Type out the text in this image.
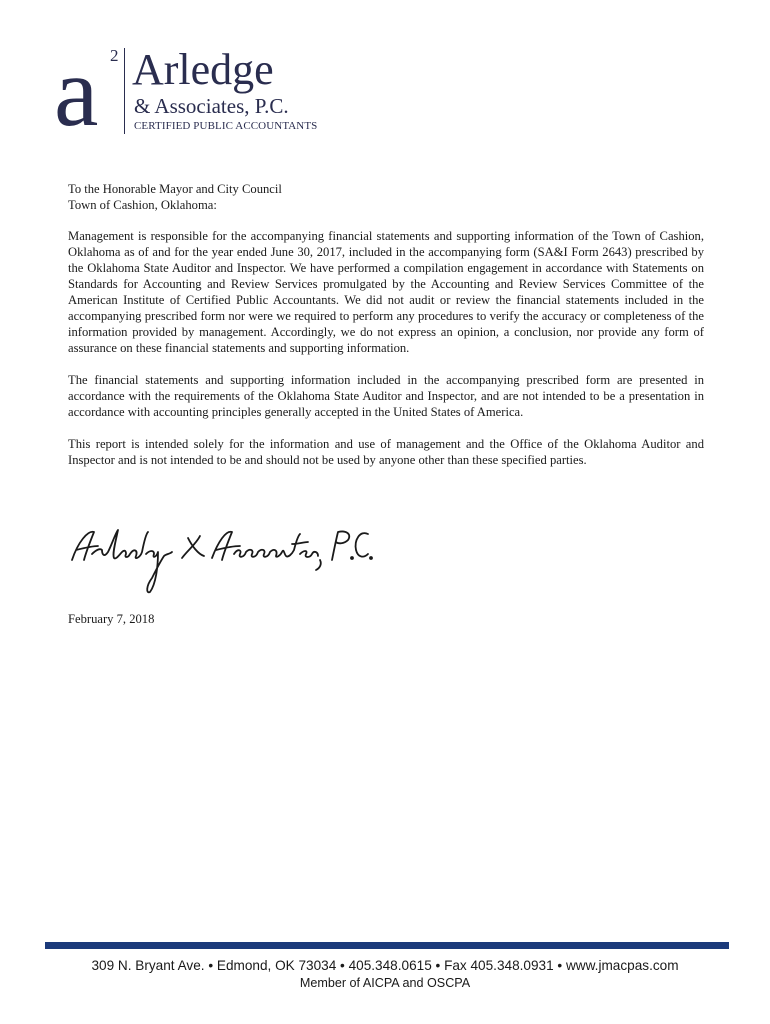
a 2 Arledge
& Associates, P.C.
CERTIFIED PUBLIC ACCOUNTANTS

To the Honorable Mayor and City Council
Town of Cashion, Oklahoma:

Management is responsible for the accompanying financial statements and supporting information of the Town of Cashion, Oklahoma as of and for the year ended June 30, 2017, included in the accompanying form (SA&I Form 2643) prescribed by the Oklahoma State Auditor and Inspector. We have performed a compilation engagement in accordance with Statements on Standards for Accounting and Review Services promulgated by the Accounting and Review Services Committee of the American Institute of Certified Public Accountants. We did not audit or review the financial statements included in the accompanying prescribed form nor were we required to perform any procedures to verify the accuracy or completeness of the information provided by management. Accordingly, we do not express an opinion, a conclusion, nor provide any form of assurance on these financial statements and supporting information.

The financial statements and supporting information included in the accompanying prescribed form are presented in accordance with the requirements of the Oklahoma State Auditor and Inspector, and are not intended to be a presentation in accordance with accounting principles generally accepted in the United States of America.

This report is intended solely for the information and use of management and the Office of the Oklahoma Auditor and Inspector and is not intended to be and should not be used by anyone other than these specified parties.

February 7, 2018
309 N. Bryant Ave. • Edmond, OK 73034 • 405.348.0615 • Fax 405.348.0931 • www.jmacpas.com
Member of AICPA and OSCPA
